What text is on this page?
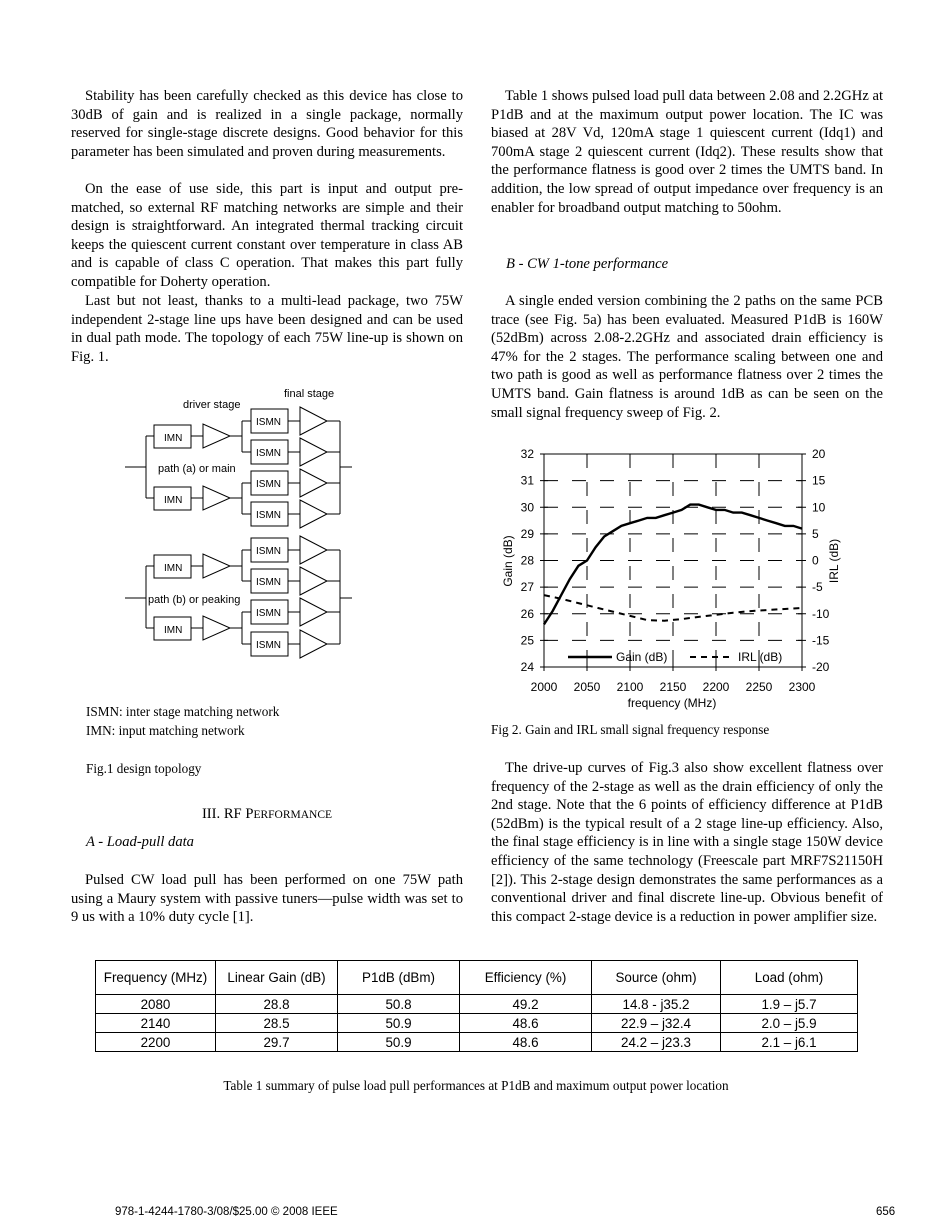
Stability has been carefully checked as this device has close to 30dB of gain and is realized in a single package, normally reserved for single-stage discrete designs. Good behavior for this parameter has been simulated and proven during measurements.

On the ease of use side, this part is input and output pre-matched, so external RF matching networks are simple and their design is straightforward. An integrated thermal tracking circuit keeps the quiescent current constant over temperature in class AB and is capable of class C operation. That makes this part fully compatible for Doherty operation.

Last but not least, thanks to a multi-lead package, two 75W independent 2-stage line ups have been designed and can be used in dual path mode. The topology of each 75W line-up is shown on Fig. 1.

final stage
driver stage
path (a) or main
path (b) or peaking
IMN
IMN
IMN
IMN
ISMN
ISMN
ISMN
ISMN
ISMN
ISMN
ISMN
ISMN

ISMN: inter stage matching network

IMN: input matching network

Fig.1 design topology

III. RF PERFORMANCE

A - Load-pull data

Pulsed CW load pull has been performed on one 75W path using a Maury system with passive tuners—pulse width was set to 9 us with a 10% duty cycle [1].

Table 1 shows pulsed load pull data between 2.08 and 2.2GHz at P1dB and at the maximum output power location. The IC was biased at 28V Vd, 120mA stage 1 quiescent current (Idq1) and 700mA stage 2 quiescent current (Idq2). These results show that the performance flatness is good over 2 times the UMTS band. In addition, the low spread of output impedance over frequency is an enabler for broadband output matching to 50ohm.

B - CW 1-tone performance

A single ended version combining the 2 paths on the same PCB trace (see Fig. 5a) has been evaluated. Measured P1dB is 160W (52dBm) across 2.08-2.2GHz and associated drain efficiency is 47% for the 2 stages. The performance scaling between one and two path is good as well as performance flatness over 2 times the UMTS band. Gain flatness is around 1dB as can be seen on the small signal frequency sweep of Fig. 2.

24
25
26
27
28
29
30
31
32
-20
-15
-10
-5
0
5
10
15
20
2000 2050 2100 2150 2200 2250 2300
Gain (dB)	IRL (dB)
frequency (MHz)
Gain (dB)	IRL (dB)

Fig 2. Gain and IRL small signal frequency response

The drive-up curves of Fig.3 also show excellent flatness over frequency of the 2-stage as well as the drain efficiency of only the 2nd stage. Note that the 6 points of efficiency difference at P1dB (52dBm) is the typical result of a 2 stage line-up efficiency. Also, the final stage efficiency is in line with a single stage 150W device efficiency of the same technology (Freescale part MRF7S21150H [2]). This 2-stage design demonstrates the same performances as a conventional driver and final discrete line-up. Obvious benefit of this compact 2-stage device is a reduction in power amplifier size.

Frequency (MHz)	Linear Gain (dB)	P1dB (dBm)	Efficiency (%)	Source (ohm)	Load (ohm)
2080	28.8	50.8	49.2	14.8 - j35.2	1.9 – j5.7
2140	28.5	50.9	48.6	22.9 – j32.4	2.0 – j5.9
2200	29.7	50.9	48.6	24.2 – j23.3	2.1 – j6.1

Table 1 summary of pulse load pull performances at P1dB and maximum output power location

978-1-4244-1780-3/08/$25.00 © 2008 IEEE	656
